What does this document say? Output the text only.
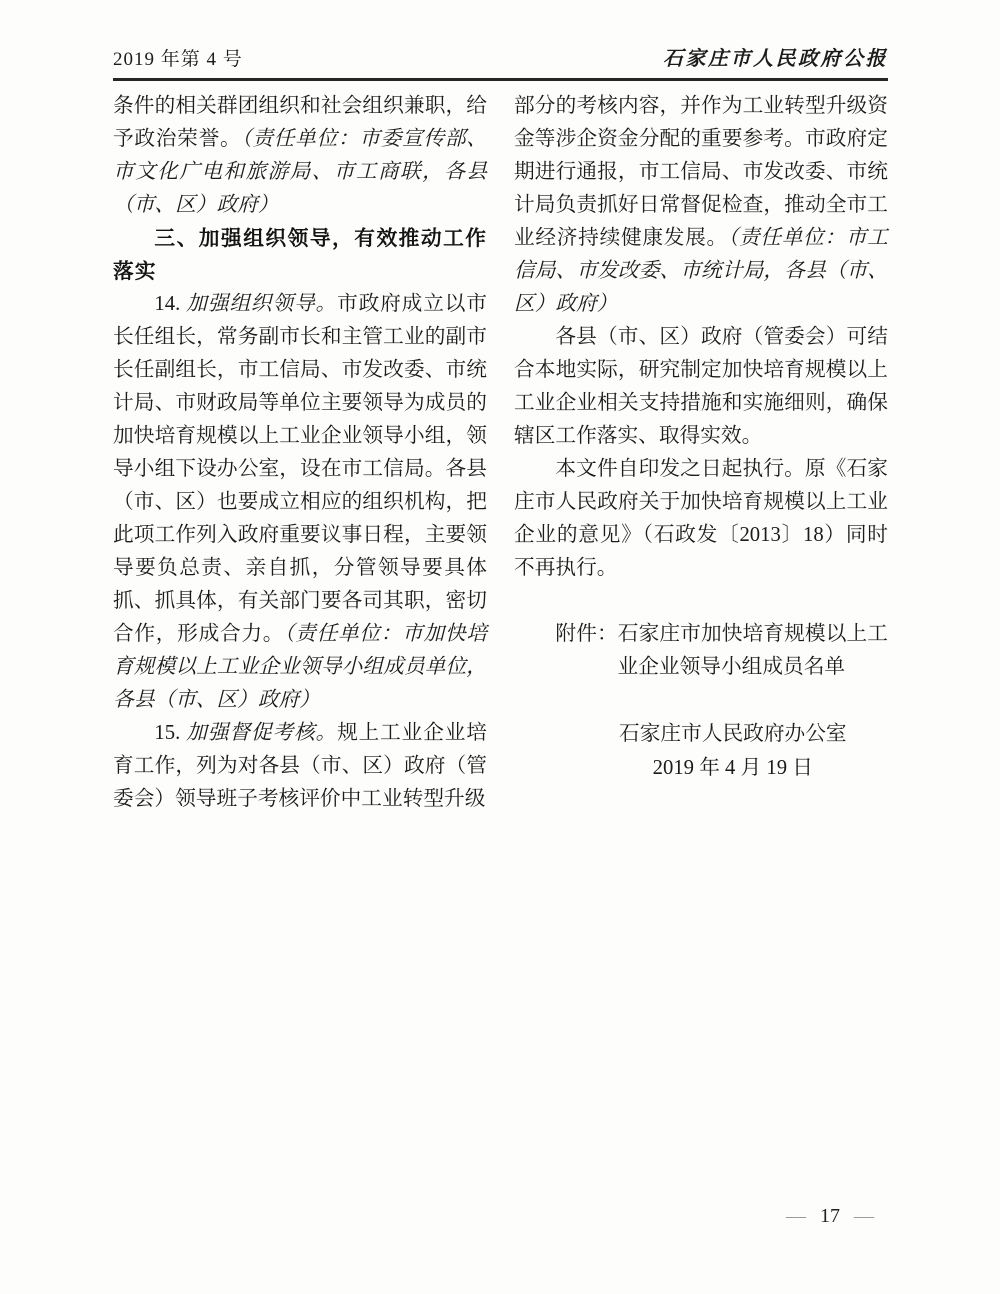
2019 年第 4 号	石家庄市人民政府公报

条件的相关群团组织和社会组织兼职，给予政治荣誉。（责任单位：市委宣传部、市文化广电和旅游局、市工商联，各县（市、区）政府）

三、加强组织领导，有效推动工作落实

14. 加强组织领导。市政府成立以市长任组长，常务副市长和主管工业的副市长任副组长，市工信局、市发改委、市统计局、市财政局等单位主要领导为成员的加快培育规模以上工业企业领导小组，领导小组下设办公室，设在市工信局。各县（市、区）也要成立相应的组织机构，把此项工作列入政府重要议事日程，主要领导要负总责、亲自抓，分管领导要具体抓、抓具体，有关部门要各司其职，密切合作，形成合力。（责任单位：市加快培育规模以上工业企业领导小组成员单位，各县（市、区）政府）

15. 加强督促考核。规上工业企业培育工作，列为对各县（市、区）政府（管委会）领导班子考核评价中工业转型升级

部分的考核内容，并作为工业转型升级资金等涉企资金分配的重要参考。市政府定期进行通报，市工信局、市发改委、市统计局负责抓好日常督促检查，推动全市工业经济持续健康发展。（责任单位：市工信局、市发改委、市统计局，各县（市、区）政府）

各县（市、区）政府（管委会）可结合本地实际，研究制定加快培育规模以上工业企业相关支持措施和实施细则，确保辖区工作落实、取得实效。

本文件自印发之日起执行。原《石家庄市人民政府关于加快培育规模以上工业企业的意见》（石政发〔2013〕18）同时不再执行。

附件：石家庄市加快培育规模以上工业企业领导小组成员名单

石家庄市人民政府办公室
2019 年 4 月 19 日
— 17 —
